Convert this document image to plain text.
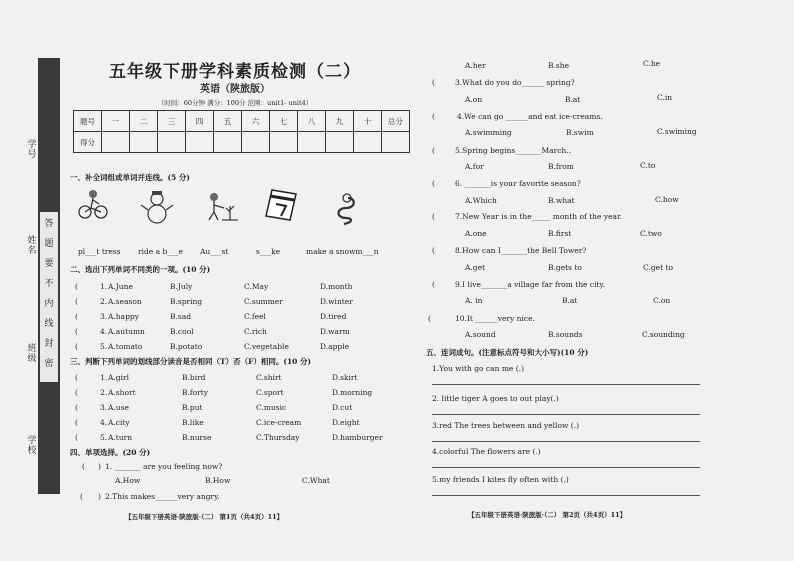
答
题
要
不
内
线
封
密
学号
姓名
班级
学校
五年级下册学科素质检测（二）
英语（陕旅版）
（时间：60分钟 满分：100分 范围：unit1- unit4）
题号	一	二	三	四	五	六	七	八	九	十	总分
得分											
一、补全词组或单词并连线。(5 分)
pl___t tress ride a b___e Au___st	s___ke	make a snowm___n
二、选出下列单词不同类的一项。(10 分)
(	1. A.June	B.July	C.May	D.month
(	2. A.season	B.spring	C.summer	D.winter
(	3. A.happy	B.sad	C.feel	D.tired
(	4. A.autumn	B.cool	C.rich	D.warm
(	5. A.tomato	B.potato	C.vegetable	D.apple
三、判断下列单词的划线部分读音是否相同（T）否（F）相同。(10 分)
(	1. A.girl	B.bird	C.shirt	D.skirt
(	2. A.short	B.forty	C.sport	D.morning
(	3. A.use	B.put	C.music	D.cut
(	4. A.city	B.like	C.ice-cream	D.eight
(	5. A.turn	B.nurse	C.Thursday	D.hamburger
四、单项选择。(20 分)
( ) 1. _______ are you feeling now?
A.How	B.How	C.What
( ) 2.This makes______very angry.
【五年级下册英语·陕旅版·（二） 第1页（共4页）11】
A.her	B.she	C.he
(	3.What do you do______ spring?
A.on	B.at	C.in
(	4.We can go ______and eat ice-creams.
A.swimming	B.swim	C.swiming
(	5.Spring begins_______March..
A.for	B.from	C.to
(	6. _______is your favorite season?
A.Which	B.what	C.how
(	7.New Year is in the_____ month of the year.
A.one	B.first	C.two
(	8.How can I_______the Bell Tower?
A.get	B.gets to	C.get to
(	9.I live_______a village far from the city.
A. in	B.at	C.on
(	10.It ______very nice.
A.sound	B.sounds	C.sounding
五、连词成句。(注意标点符号和大小写)(10 分)
1.You with go can me (.)
2. little tiger A goes to out play(.)
3.red The trees between and yellow (.)
4.colorful The flowers are (.)
5.my friends I kites fly often with (.)
【五年级下册英语·陕旅版·（二） 第2页（共4页）11】
